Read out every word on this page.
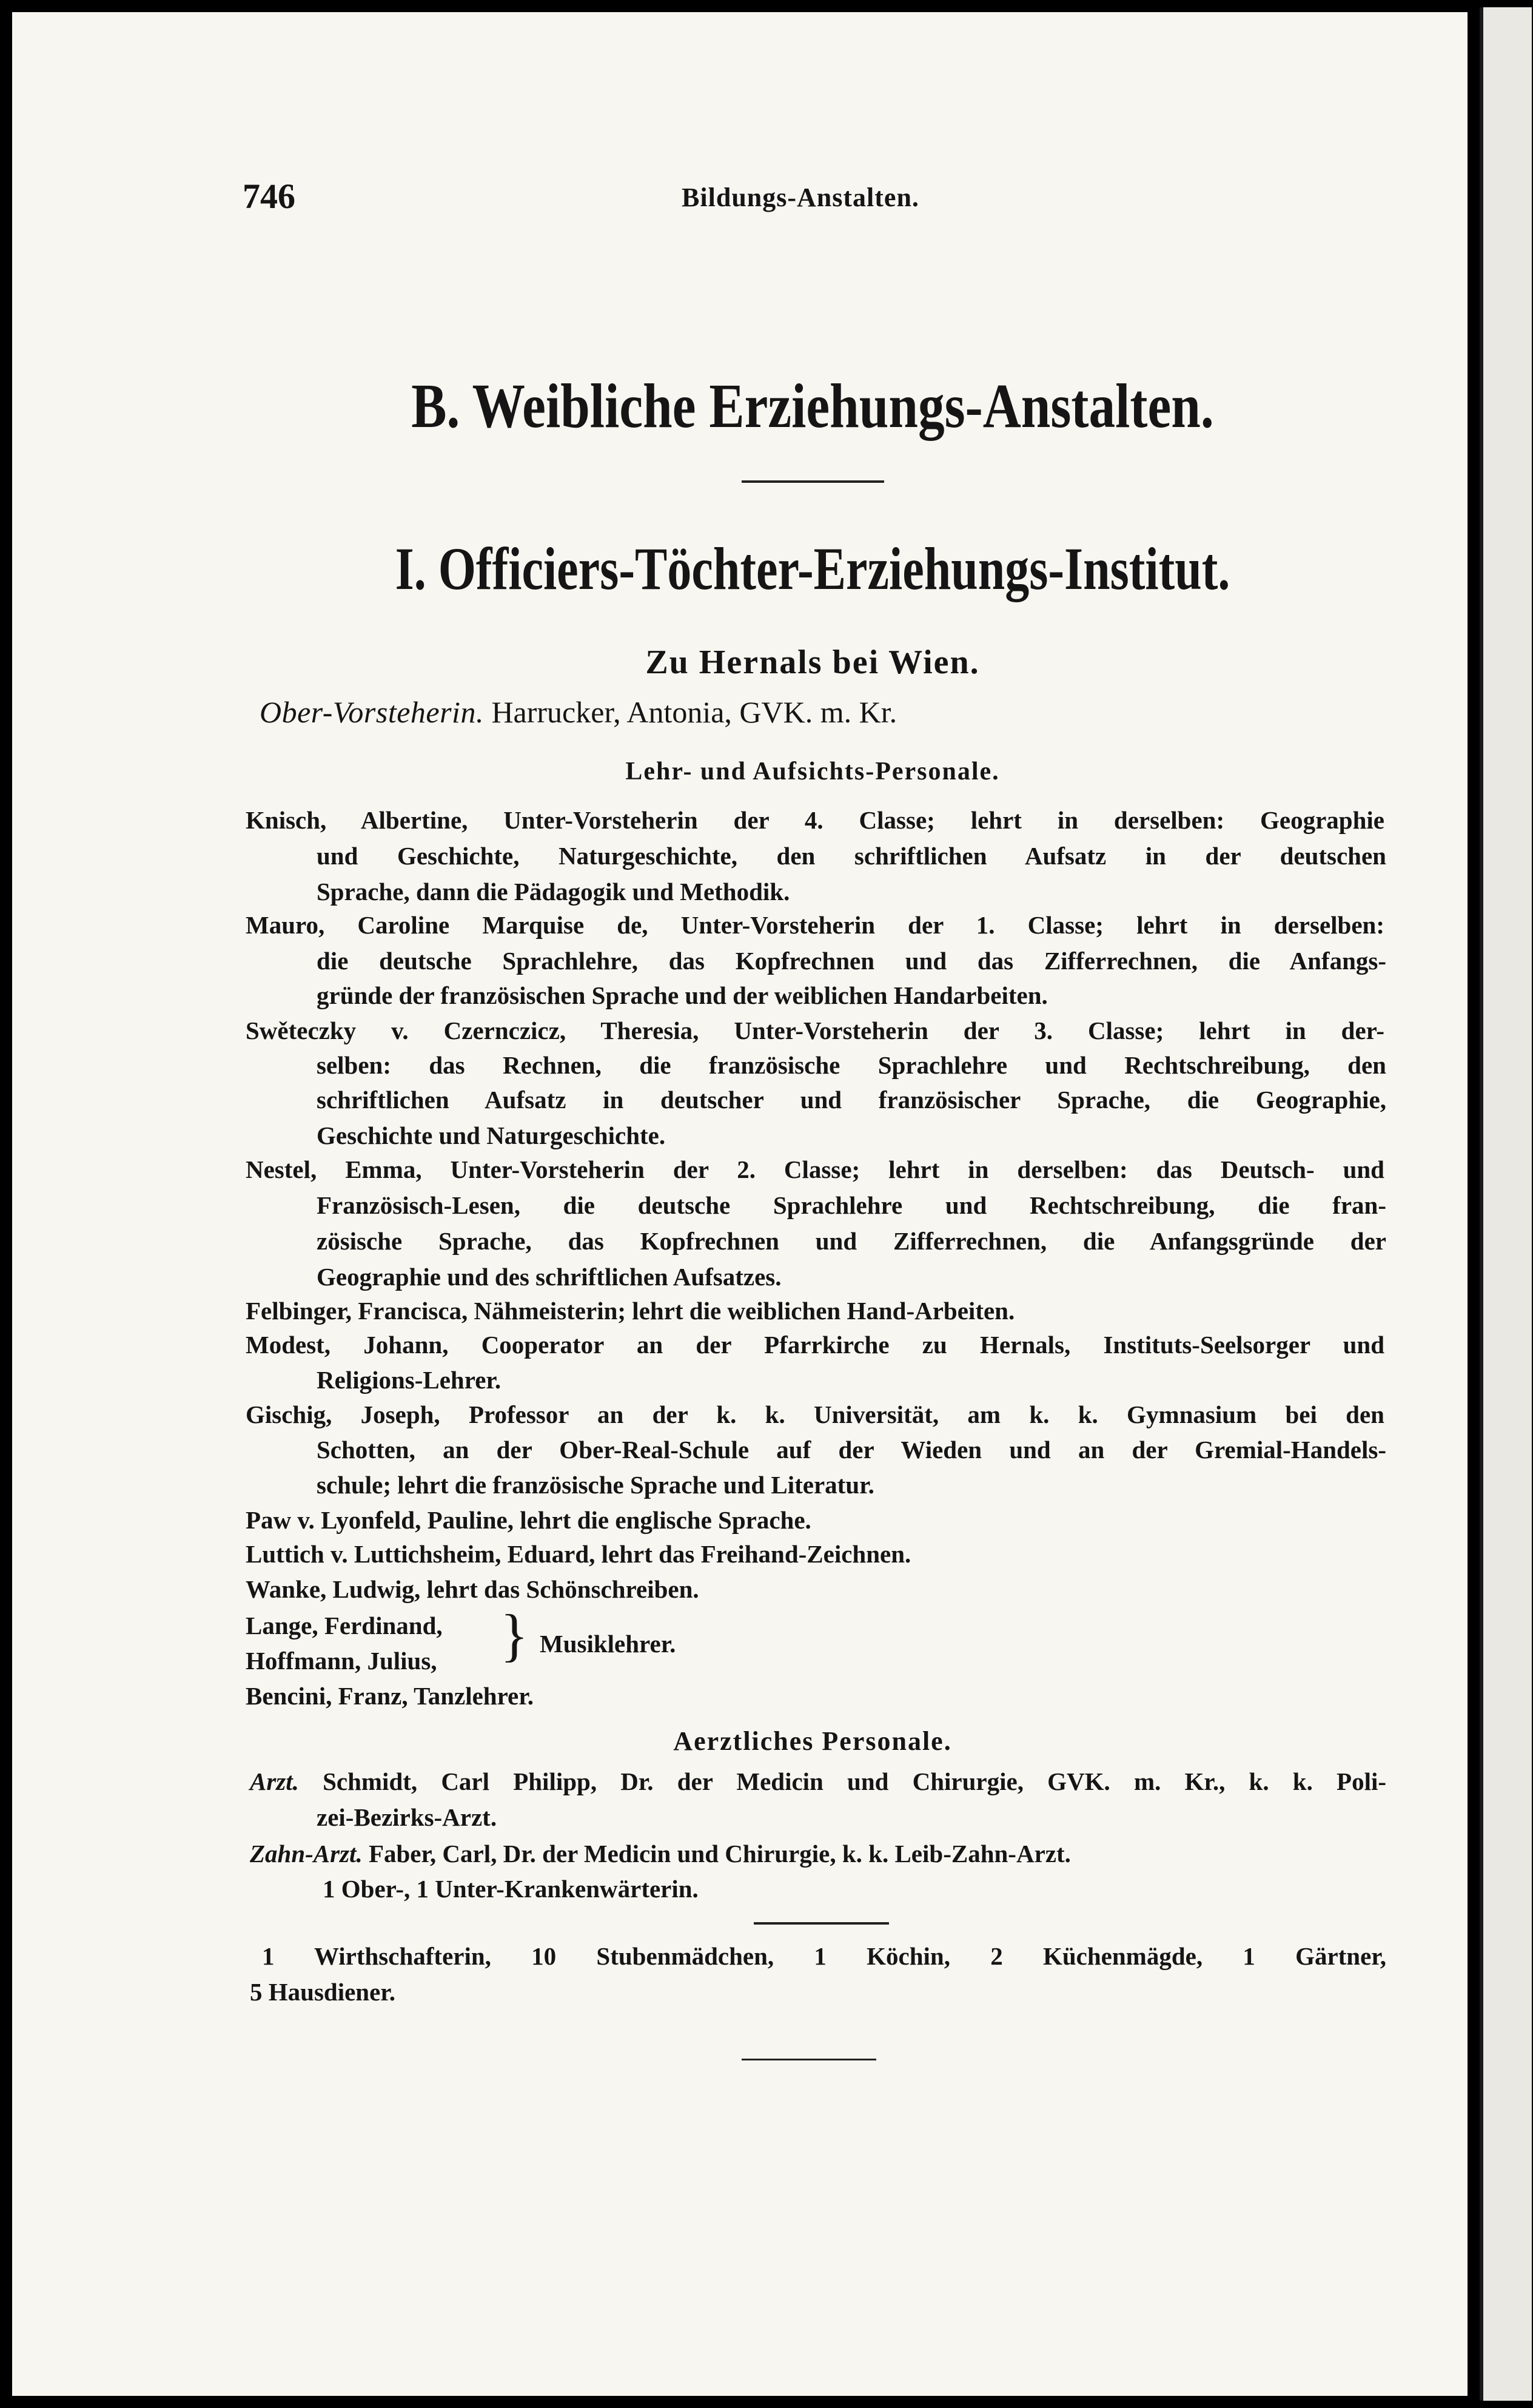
746	Bildungs-Anstalten.
B. Weibliche Erziehungs-Anstalten.
I. Officiers-Töchter-Erziehungs-Institut.
Zu Hernals bei Wien.
Ober-Vorsteherin. Harrucker, Antonia, GVK. m. Kr.
Lehr- und Aufsichts-Personale.
Knisch, Albertine, Unter-Vorsteherin der 4. Classe; lehrt in derselben: Geographie
und Geschichte, Naturgeschichte, den schriftlichen Aufsatz in der deutschen
Sprache, dann die Pädagogik und Methodik.
Mauro, Caroline Marquise de, Unter-Vorsteherin der 1. Classe; lehrt in derselben:
die deutsche Sprachlehre, das Kopfrechnen und das Zifferrechnen, die Anfangs-
gründe der französischen Sprache und der weiblichen Handarbeiten.
Swěteczky v. Czernczicz, Theresia, Unter-Vorsteherin der 3. Classe; lehrt in der-
selben: das Rechnen, die französische Sprachlehre und Rechtschreibung, den
schriftlichen Aufsatz in deutscher und französischer Sprache, die Geographie,
Geschichte und Naturgeschichte.
Nestel, Emma, Unter-Vorsteherin der 2. Classe; lehrt in derselben: das Deutsch- und
Französisch-Lesen, die deutsche Sprachlehre und Rechtschreibung, die fran-
zösische Sprache, das Kopfrechnen und Zifferrechnen, die Anfangsgründe der
Geographie und des schriftlichen Aufsatzes.
Felbinger, Francisca, Nähmeisterin; lehrt die weiblichen Hand-Arbeiten.
Modest, Johann, Cooperator an der Pfarrkirche zu Hernals, Instituts-Seelsorger und
Religions-Lehrer.
Gischig, Joseph, Professor an der k. k. Universität, am k. k. Gymnasium bei den
Schotten, an der Ober-Real-Schule auf der Wieden und an der Gremial-Handels-
schule; lehrt die französische Sprache und Literatur.
Paw v. Lyonfeld, Pauline, lehrt die englische Sprache.
Luttich v. Luttichsheim, Eduard, lehrt das Freihand-Zeichnen.
Wanke, Ludwig, lehrt das Schönschreiben.
Lange, Ferdinand,
Hoffmann, Julius, } Musiklehrer.
Bencini, Franz, Tanzlehrer.
Aerztliches Personale.
Arzt. Schmidt, Carl Philipp, Dr. der Medicin und Chirurgie, GVK. m. Kr., k. k. Poli-
zei-Bezirks-Arzt.
Zahn-Arzt. Faber, Carl, Dr. der Medicin und Chirurgie, k. k. Leib-Zahn-Arzt.
1 Ober-, 1 Unter-Krankenwärterin.
1 Wirthschafterin, 10 Stubenmädchen, 1 Köchin, 2 Küchenmägde, 1 Gärtner,
5 Hausdiener.
